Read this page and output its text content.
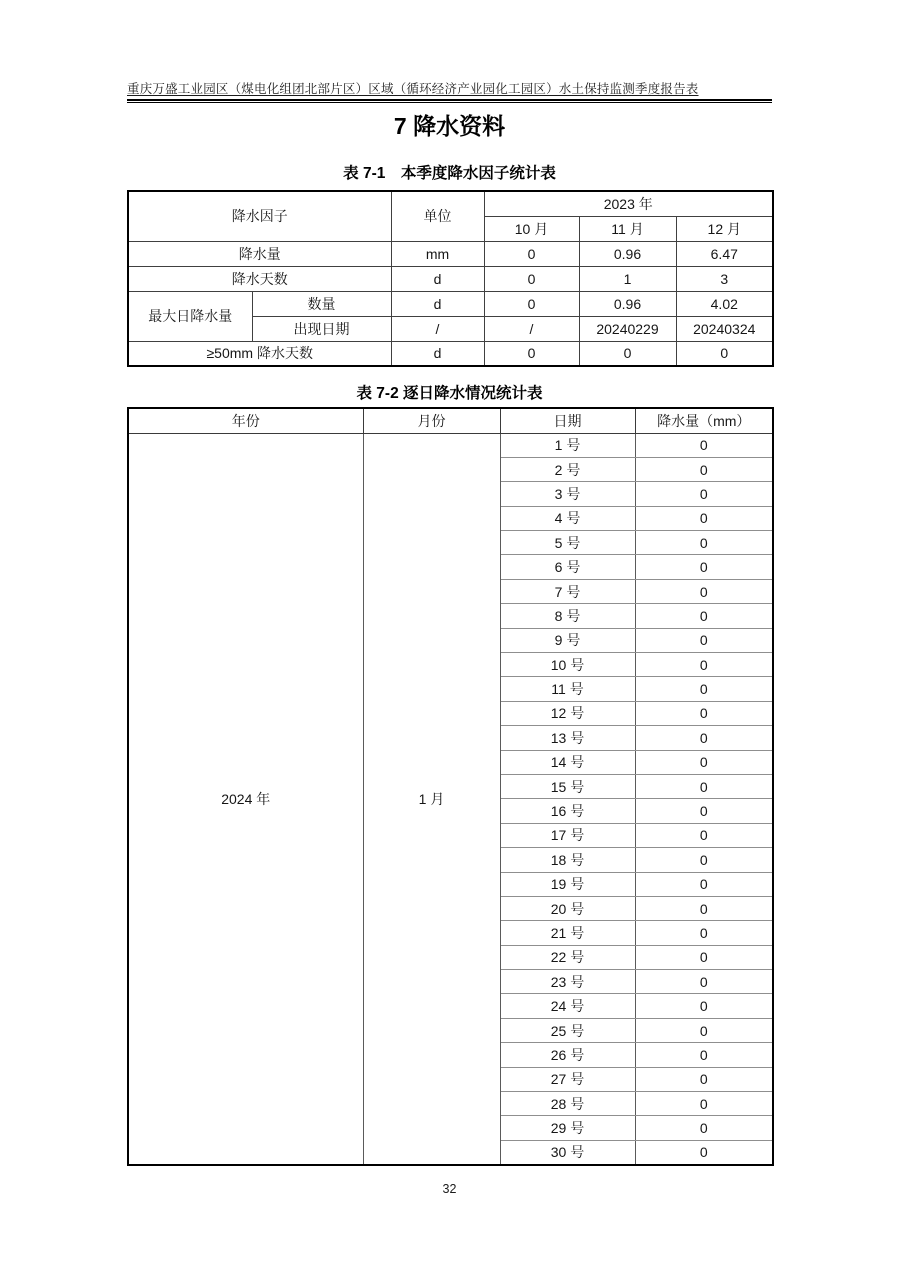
重庆万盛工业园区（煤电化组团北部片区）区域（循环经济产业园化工园区）水土保持监测季度报告表
7 降水资料
表 7-1　本季度降水因子统计表
降水因子		单位	2023 年		
			10 月	11 月	12 月
降水量		mm	0	0.96	6.47
降水天数		d	0	1	3
最大日降水量	数量	d	0	0.96	4.02
	出现日期	/	/	20240229	20240324
≥50mm 降水天数		d	0	0	0
表 7-2 逐日降水情况统计表
年份	月份	日期	降水量（mm）
2024 年	1 月	1 号	0
		2 号	0
		3 号	0
		4 号	0
		5 号	0
		6 号	0
		7 号	0
		8 号	0
		9 号	0
		10 号	0
		11 号	0
		12 号	0
		13 号	0
		14 号	0
		15 号	0
		16 号	0
		17 号	0
		18 号	0
		19 号	0
		20 号	0
		21 号	0
		22 号	0
		23 号	0
		24 号	0
		25 号	0
		26 号	0
		27 号	0
		28 号	0
		29 号	0
		30 号	0
32
